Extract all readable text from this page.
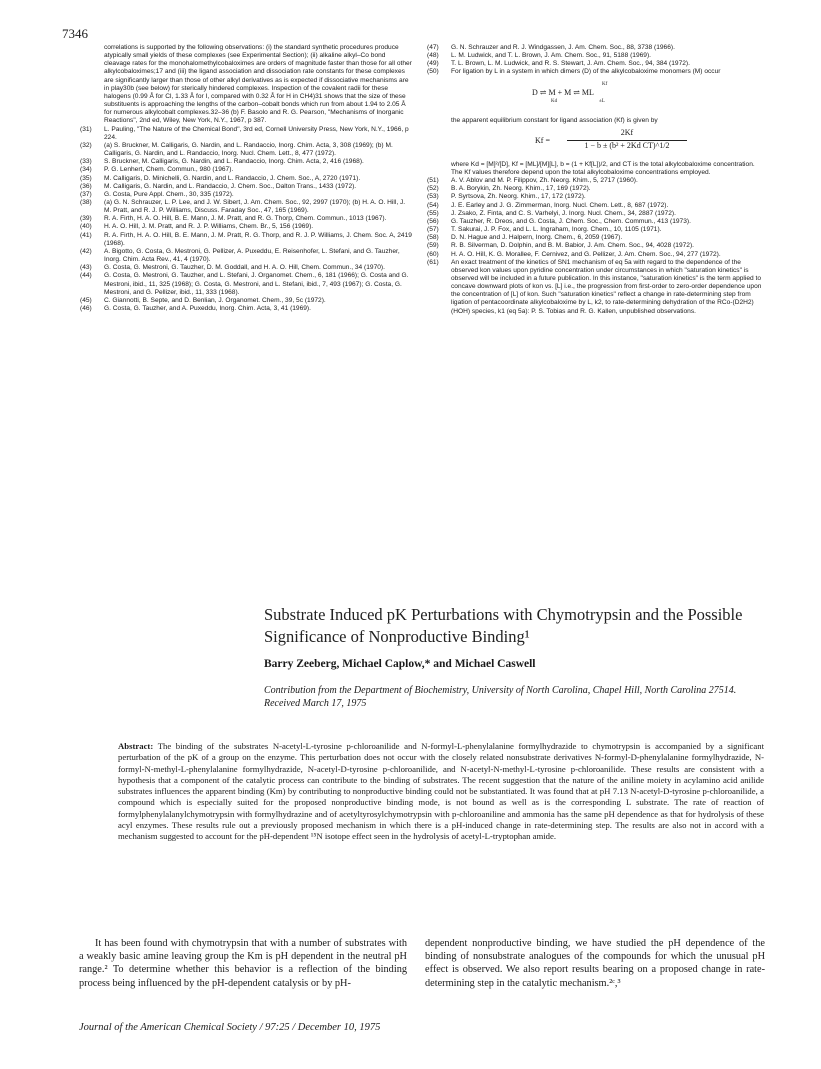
7346

correlations is supported by the following observations: (i) the standard synthetic procedures produce atypically small yields of these complexes (see Experimental Section); (ii) alkaline alkyl–Co bond cleavage rates for the monohalomethylcobaloximes are orders of magnitude faster than those for all other alkylcobaloximes;17 and (iii) the ligand association and dissociation rate constants for these complexes are significantly larger than those of other alkyl derivatives as is expected if dissociative mechanisms are in play30b (see below) for sterically hindered complexes. Inspection of the covalent radii for these halogens (0.99 Å for Cl, 1.33 Å for I, compared with 0.32 Å for H in CH4)31 shows that the size of these substituents is approaching the lengths of the carbon–cobalt bonds which run from about 1.94 to 2.05 Å for numerous alkylcobalt complexes.32–36 (b) F. Basolo and R. G. Pearson, "Mechanisms of Inorganic Reactions", 2nd ed, Wiley, New York, N.Y., 1967, p 387.

(31) L. Pauling, "The Nature of the Chemical Bond", 3rd ed, Cornell University Press, New York, N.Y., 1966, p 224.

(32) (a) S. Bruckner, M. Calligaris, G. Nardin, and L. Randaccio, Inorg. Chim. Acta, 3, 308 (1969); (b) M. Calligaris, G. Nardin, and L. Randaccio, Inorg. Nucl. Chem. Lett., 8, 477 (1972).

(33) S. Bruckner, M. Calligaris, G. Nardin, and L. Randaccio, Inorg. Chim. Acta, 2, 416 (1968).

(34) P. G. Lenhert, Chem. Commun., 980 (1967).

(35) M. Calligaris, D. Minichelli, G. Nardin, and L. Randaccio, J. Chem. Soc., A, 2720 (1971).

(36) M. Calligaris, G. Nardin, and L. Randaccio, J. Chem. Soc., Dalton Trans., 1433 (1972).

(37) G. Costa, Pure Appl. Chem., 30, 335 (1972).

(38) (a) G. N. Schrauzer, L. P. Lee, and J. W. Sibert, J. Am. Chem. Soc., 92, 2997 (1970); (b) H. A. O. Hill, J. M. Pratt, and R. J. P. Williams, Discuss. Faraday Soc., 47, 165 (1969).

(39) R. A. Firth, H. A. O. Hill, B. E. Mann, J. M. Pratt, and R. G. Thorp, Chem. Commun., 1013 (1967).

(40) H. A. O. Hill, J. M. Pratt, and R. J. P. Williams, Chem. Br., 5, 156 (1969).

(41) R. A. Firth, H. A. O. Hill, B. E. Mann, J. M. Pratt, R. G. Thorp, and R. J. P. Williams, J. Chem. Soc. A, 2419 (1968).

(42) A. Bigotto, G. Costa, G. Mestroni, G. Pellizer, A. Puxeddu, E. Reisenhofer, L. Stefani, and G. Tauzher, Inorg. Chim. Acta Rev., 41, 4 (1970).

(43) G. Costa, G. Mestroni, G. Tauzher, D. M. Goddall, and H. A. O. Hill, Chem. Commun., 34 (1970).

(44) G. Costa, G. Mestroni, G. Tauzher, and L. Stefani, J. Organomet. Chem., 6, 181 (1966); G. Costa and G. Mestroni, ibid., 11, 325 (1968); G. Costa, G. Mestroni, and L. Stefani, ibid., 7, 493 (1967); G. Costa, G. Mestroni, and G. Pellizer, ibid., 11, 333 (1968).

(45) C. Giannotti, B. Septe, and D. Benlian, J. Organomet. Chem., 39, 5c (1972).

(46) G. Costa, G. Tauzher, and A. Puxeddu, Inorg. Chim. Acta, 3, 41 (1969).

(47) G. N. Schrauzer and R. J. Windgassen, J. Am. Chem. Soc., 88, 3738 (1966).

(48) L. M. Ludwick, and T. L. Brown, J. Am. Chem. Soc., 91, 5188 (1969).

(49) T. L. Brown, L. M. Ludwick, and R. S. Stewart, J. Am. Chem. Soc., 94, 384 (1972).

(50) For ligation by L in a system in which dimers (D) of the alkylcobaloxime monomers (M) occur

D ⇌ M + M ⇌ ML
Kd
Kf
±L

the apparent equilibrium constant for ligand association (Kf) is given by

Kf =
2Kf
1 − b ± (b² + 2Kd CT)^1/2

where Kd = [M]²/[D], Kf = [ML]/[M][L], b = (1 + Kf[L])/2, and CT is the total alkylcobaloxime concentration. The Kf values therefore depend upon the total alkylcobaloxime concentrations employed.

(51) A. V. Ablov and M. P. Filippov, Zh. Neorg. Khim., 5, 2717 (1960).

(52) B. A. Borykin, Zh. Neorg. Khim., 17, 169 (1972).

(53) P. Syrtsova, Zh. Neorg. Khim., 17, 172 (1972).

(54) J. E. Earley and J. G. Zimmerman, Inorg. Nucl. Chem. Lett., 8, 687 (1972).

(55) J. Zsako, Z. Finta, and C. S. Varhelyi, J. Inorg. Nucl. Chem., 34, 2887 (1972).

(56) G. Tauzher, R. Dreos, and G. Costa, J. Chem. Soc., Chem. Commun., 413 (1973).

(57) T. Sakurai, J. P. Fox, and L. L. Ingraham, Inorg. Chem., 10, 1105 (1971).

(58) D. N. Hague and J. Halpern, Inorg. Chem., 6, 2059 (1967).

(59) R. B. Silverman, D. Dolphin, and B. M. Babior, J. Am. Chem. Soc., 94, 4028 (1972).

(60) H. A. O. Hill, K. G. Morallee, F. Cernivez, and G. Pellizer, J. Am. Chem. Soc., 94, 277 (1972).

(61) An exact treatment of the kinetics of SN1 mechanism of eq 5a with regard to the dependence of the observed kon values upon pyridine concentration under circumstances in which "saturation kinetics" is observed will be included in a future publication. In this instance, "saturation kinetics" is the term applied to concave downward plots of kon vs. [L] i.e., the progression from first-order to zero-order dependence upon the concentration of [L] of kon. Such "saturation kinetics" reflect a change in rate-determining step from ligation of pentacoordinate alkylcobaloxime by L, k2, to rate-determining dehydration of the RCo-(D2H2)(HOH) species, k1 (eq 5a): P. S. Tobias and R. G. Kallen, unpublished observations.

Substrate Induced pK Perturbations with Chymotrypsin and the Possible Significance of Nonproductive Binding¹
Barry Zeeberg, Michael Caplow,* and Michael Caswell
Contribution from the Department of Biochemistry, University of North Carolina, Chapel Hill, North Carolina 27514. Received March 17, 1975
Abstract: The binding of the substrates N-acetyl-L-tyrosine p-chloroanilide and N-formyl-L-phenylalanine formylhydrazide to chymotrypsin is accompanied by a significant perturbation of the pK of a group on the enzyme. This perturbation does not occur with the closely related nonsubstrate derivatives N-formyl-D-phenylalanine formylhydrazide, N-formyl-N-methyl-L-phenylalanine formylhydrazide, N-acetyl-D-tyrosine p-chloroanilide, and N-acetyl-N-methyl-L-tyrosine p-chloroanilide. These results are consistent with a hypothesis that a component of the catalytic process can contribute to the binding of substrates. The recent suggestion that the nature of the aniline moiety in acylamino acid anilide substrates influences the apparent binding (Km) by contributing to nonproductive binding could not be substantiated. It was found that at pH 7.13 N-acetyl-D-tyrosine p-chloroanilide, a compound which is especially suited for the proposed nonproductive binding mode, is not bound as well as is the corresponding L substrate. The rate of reaction of formylphenylalanylchymotrypsin with formylhydrazine and of acetyltyrosylchymotrypsin with p-chloroaniline and ammonia has the same pH dependence as that for hydrolysis of these acyl enzymes. These results rule out a previously proposed mechanism in which there is a pH-induced change in rate-determining step. The results are also not in accord with a mechanism suggested to account for the pH-dependent ¹⁵N isotope effect seen in the hydrolysis of acetyl-L-tryptophan amide.
It has been found with chymotrypsin that with a number of substrates with a weakly basic amine leaving group the Km is pH dependent in the neutral pH range.² To determine whether this behavior is a reflection of the binding process being influenced by the pH-dependent catalysis or by pH-
dependent nonproductive binding, we have studied the pH dependence of the binding of nonsubstrate analogues of the compounds for which the unusual pH effect is observed. We also report results bearing on a proposed change in rate-determining step in the catalytic mechanism.²ᶜ,³
Journal of the American Chemical Society / 97:25 / December 10, 1975
